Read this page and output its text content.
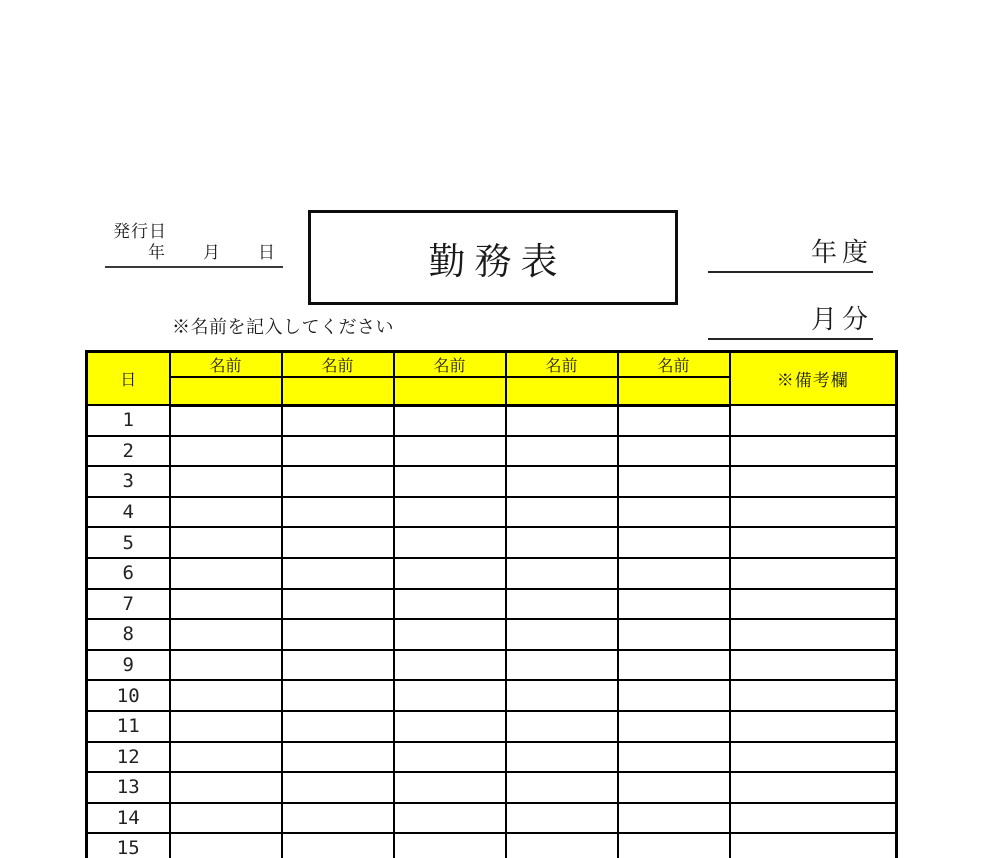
発行日
年 月 日	勤務表	年度
※名前を記入してください	月分
日	名前	名前	名前	名前	名前	※備考欄

1						
2						
3						
4						
5						
6						
7						
8						
9						
10						
11						
12						
13						
14						
15						
